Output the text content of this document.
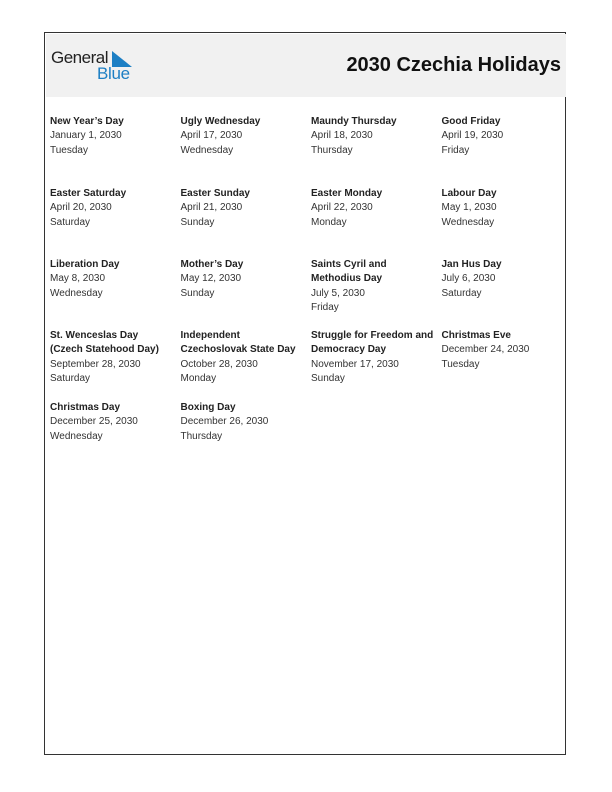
General
Blue	2030 Czechia Holidays
New Year’s Day
January 1, 2030
Tuesday
Ugly Wednesday
April 17, 2030
Wednesday
Maundy Thursday
April 18, 2030
Thursday
Good Friday
April 19, 2030
Friday
Easter Saturday
April 20, 2030
Saturday
Easter Sunday
April 21, 2030
Sunday
Easter Monday
April 22, 2030
Monday
Labour Day
May 1, 2030
Wednesday
Liberation Day
May 8, 2030
Wednesday
Mother’s Day
May 12, 2030
Sunday
Saints Cyril and Methodius Day
July 5, 2030
Friday
Jan Hus Day
July 6, 2030
Saturday
St. Wenceslas Day (Czech Statehood Day)
September 28, 2030
Saturday
Independent Czechoslovak State Day
October 28, 2030
Monday
Struggle for Freedom and Democracy Day
November 17, 2030
Sunday
Christmas Eve
December 24, 2030
Tuesday
Christmas Day
December 25, 2030
Wednesday
Boxing Day
December 26, 2030
Thursday
